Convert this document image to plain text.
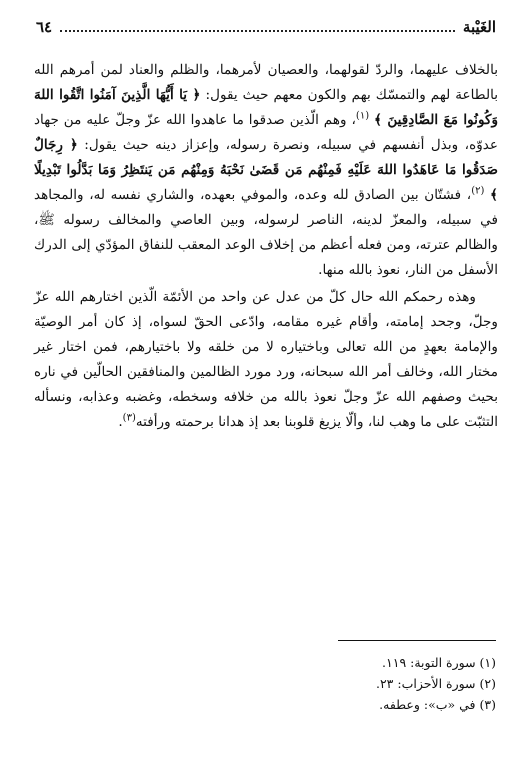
الغَيْبة
٦٤

بالخلاف عليهما، والردّ لقولهما، والعصيان لأمرهما، والظلم والعناد لمن أمرهم الله بالطاعة لهم والتمسّك بهم والكون معهم حيث يقول: ﴿ يَا أَيُّهَا الَّذِينَ آمَنُوا اتَّقُوا اللهَ وَكُونُوا مَعَ الصَّادِقِينَ ﴾ $^{(١)}$، وهم الّذين صدقوا ما عاهدوا الله عزّ وجلّ عليه من جهاد عدوّه، وبذل أنفسهم في سبيله، ونصرة رسوله، وإعزاز دينه حيث يقول: ﴿ رِجَالٌ صَدَقُوا مَا عَاهَدُوا اللهَ عَلَيْهِ فَمِنْهُم مَن قَضَىٰ نَحْبَهُ وَمِنْهُم مَن يَنتَظِرُ وَمَا بَدَّلُوا تَبْدِيلًا ﴾ $^{(٢)}$، فشتّان بين الصادق لله وعده، والموفي بعهده، والشاري نفسه له، والمجاهد في سبيله، والمعزّ لدينه، الناصر لرسوله، وبين العاصي والمخالف رسوله ﷺ، والظالم عترته، ومن فعله أعظم من إخلاف الوعد المعقب للنفاق المؤدّي إلى الدرك الأسفل من النار، نعوذ بالله منها.

وهذه رحمكم الله حال كلّ من عدل عن واحد من الأئمّة الّذين اختارهم الله عزّ وجلّ، وجحد إمامته، وأقام غيره مقامه، وادّعى الحقّ لسواه، إذ كان أمر الوصيّة والإمامة بعهدٍ من الله تعالى وباختياره لا من خلقه ولا باختيارهم، فمن اختار غير مختار الله، وخالف أمر الله سبحانه، ورد مورد الظالمين والمنافقين الحالّين في ناره بحيث وصفهم الله عزّ وجلّ نعوذ بالله من خلافه وسخطه، وغضبه وعذابه، ونسأله التثبّت على ما وهب لنا، وألّا يزيغ قلوبنا بعد إذ هدانا برحمته ورأفته$^{(٣)}$.

(١) سورة التوبة: ١١٩.
(٢) سورة الأحزاب: ٢٣.
(٣) في «ب»: وعطفه.
